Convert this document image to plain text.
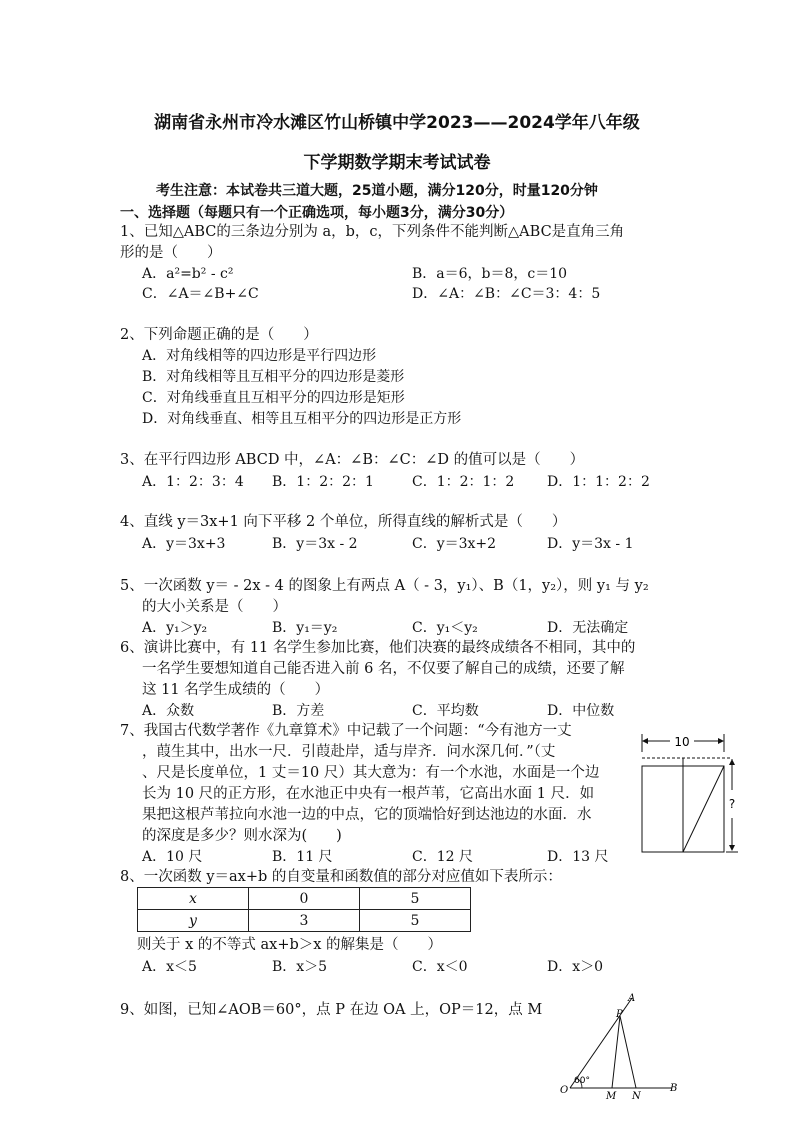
湖南省永州市冷水滩区竹山桥镇中学2023——2024学年八年级
下学期数学期末考试试卷
考生注意：本试卷共三道大题，25道小题，满分120分，时量120分钟
一、选择题（每题只有一个正确选项，每小题3分，满分30分）
1、已知△ABC的三条边分别为 a，b，c，下列条件不能判断△ABC是直角三角
形的是（　　）
A．a²=b² - c²	B．a＝6，b＝8，c＝10
C．∠A＝∠B+∠C	D．∠A：∠B：∠C＝3：4：5
2、下列命题正确的是（　　）
A．对角线相等的四边形是平行四边形
B．对角线相等且互相平分的四边形是菱形
C．对角线垂直且互相平分的四边形是矩形
D．对角线垂直、相等且互相平分的四边形是正方形
3、在平行四边形 ABCD 中，∠A：∠B：∠C：∠D 的值可以是（　　）
A．1：2：3：4 B．1：2：2：1	C．1：2：1：2 D．1：1：2：2
4、直线 y＝3x+1 向下平移 2 个单位，所得直线的解析式是（　　）
A．y＝3x+3	B．y＝3x - 2	C．y＝3x+2	D．y＝3x - 1
5、一次函数 y＝ - 2x - 4 的图象上有两点 A（ - 3，y₁）、B（1，y₂），则 y₁ 与 y₂
的大小关系是（　　）
A．y₁＞y₂	B．y₁＝y₂	C．y₁＜y₂	D．无法确定
6、演讲比赛中，有 11 名学生参加比赛，他们决赛的最终成绩各不相同，其中的
一名学生要想知道自己能否进入前 6 名，不仅要了解自己的成绩，还要了解
这 11 名学生成绩的（　　）
A．众数	B．方差	C．平均数	D．中位数
7、我国古代数学著作《九章算术》中记载了一个问题：“今有池方一丈
，葭生其中，出水一尺．引葭赴岸，适与岸齐．问水深几何．”（丈
、尺是长度单位，1 丈＝10 尺）其大意为：有一个水池，水面是一个边
长为 10 尺的正方形，在水池正中央有一根芦苇，它高出水面 1 尺．如
果把这根芦苇拉向水池一边的中点，它的顶端恰好到达池边的水面．水
的深度是多少？则水深为(　　)
A．10 尺	B．11 尺	C．12 尺	D．13 尺
10
?
8、一次函数 y＝ax+b 的自变量和函数值的部分对应值如下表所示：
x	0	5
y	3	5
则关于 x 的不等式 ax+b＞x 的解集是（　　）
A．x＜5	B．x＞5	C．x＜0	D．x＞0
9、如图，已知∠AOB＝60°，点 P 在边 OA 上，OP＝12，点 M
60°
A
P
O
M N
B
